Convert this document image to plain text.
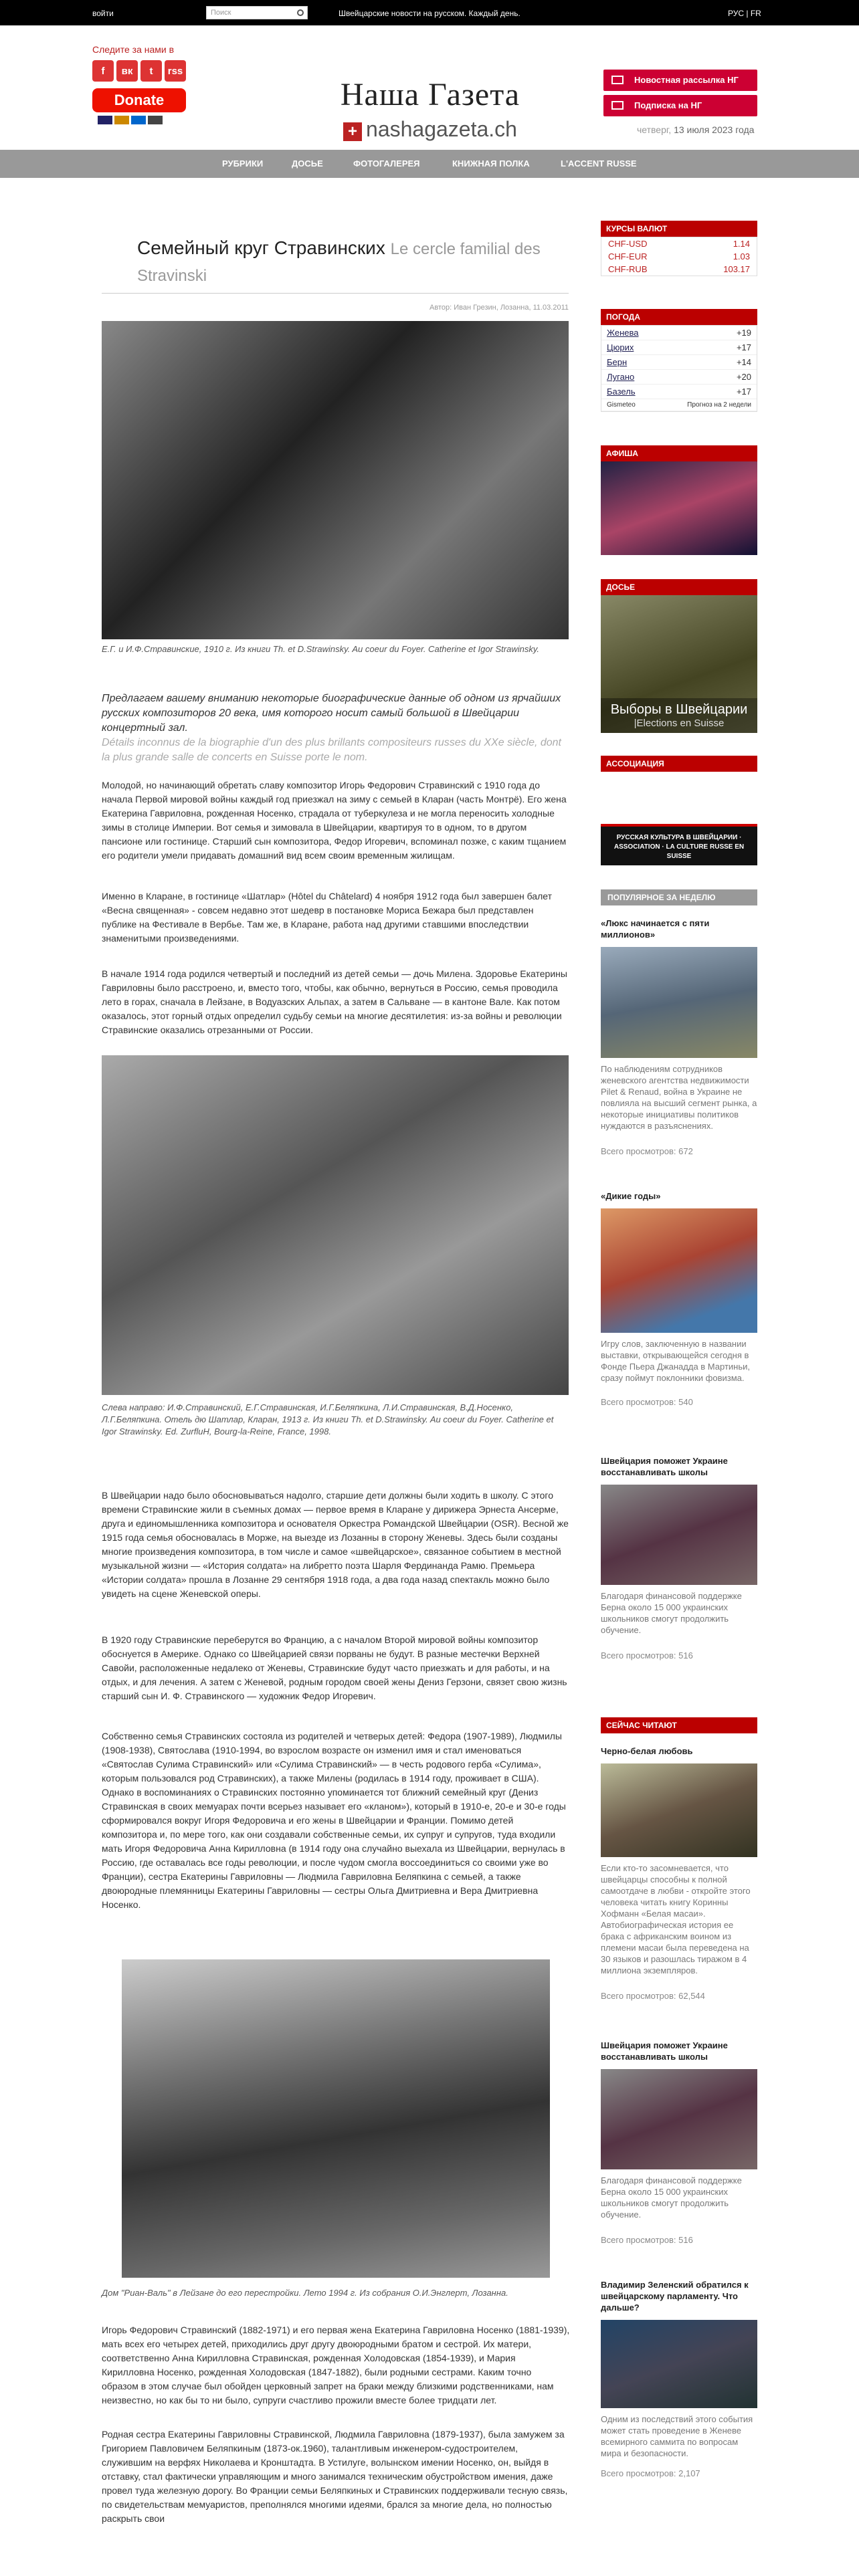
войти	Поиск	Швейцарские новости на русском. Каждый день.	РУС | FR
Следите за нами в
f	вк	t	rss
Donate	Наша Газета
+ nashagazeta.ch
Новостная рассылка НГ
Подписка на НГ
четверг, 13 июля 2023 года
РУБРИКИ	ДОСЬЕ	ФОТОГАЛЕРЕЯ	КНИЖНАЯ ПОЛКА	L'ACCENT RUSSE
Семейный круг Стравинских Le cercle familial des Stravinski
Автор: Иван Грезин, Лозанна, 11.03.2011
Е.Г. и И.Ф.Стравинские, 1910 г. Из книги Th. et D.Strawinsky. Au coeur du Foyer. Catherine et Igor Strawinsky.
Предлагаем вашему вниманию некоторые биографические данные об одном из ярчайших русских композиторов 20 века, имя которого носит самый большой в Швейцарии концертный зал.
Détails inconnus de la biographie d'un des plus brillants compositeurs russes du XXe siècle, dont la plus grande salle de concerts en Suisse porte le nom.
Молодой, но начинающий обретать славу композитор Игорь Федорович Стравинский с 1910 года до начала Первой мировой войны каждый год приезжал на зиму с семьей в Кларан (часть Монтрё). Его жена Екатерина Гавриловна, рожденная Носенко, страдала от туберкулеза и не могла переносить холодные зимы в столице Империи. Вот семья и зимовала в Швейцарии, квартируя то в одном, то в другом пансионе или гостинице. Старший сын композитора, Федор Игоревич, вспоминал позже, с каким тщанием его родители умели придавать домашний вид всем своим временным жилищам.
Именно в Кларане, в гостинице «Шатлар» (Hôtel du Châtelard) 4 ноября 1912 года был завершен балет «Весна священная» - совсем недавно этот шедевр в постановке Мориса Бежара был представлен публике на Фестивале в Вербье. Там же, в Кларане, работа над другими ставшими впоследствии знаменитыми произведениями.
В начале 1914 года родился четвертый и последний из детей семьи — дочь Милена. Здоровье Екатерины Гавриловны было расстроено, и, вместо того, чтобы, как обычно, вернуться в Россию, семья проводила лето в горах, сначала в Лейзане, в Водуазских Альпах, а затем в Сальване — в кантоне Вале. Как потом оказалось, этот горный отдых определил судьбу семьи на многие десятилетия: из-за войны и революции Стравинские оказались отрезанными от России.
Слева направо: И.Ф.Стравинский, Е.Г.Стравинская, И.Г.Беляпкина, Л.И.Стравинская, В.Д.Носенко, Л.Г.Беляпкина. Отель дю Шатлар, Кларан, 1913 г. Из книги Th. et D.Strawinsky. Au coeur du Foyer. Catherine et Igor Strawinsky. Ed. ZurfluH, Bourg-la-Reine, France, 1998.
В Швейцарии надо было обосновываться надолго, старшие дети должны были ходить в школу. С этого времени Стравинские жили в съемных домах — первое время в Кларане у дирижера Эрнеста Ансерме, друга и единомышленника композитора и основателя Оркестра Романдской Швейцарии (OSR). Весной же 1915 года семья обосновалась в Морже, на выезде из Лозанны в сторону Женевы. Здесь были созданы многие произведения композитора, в том числе и самое «швейцарское», связанное событием в местной музыкальной жизни — «История солдата» на либретто поэта Шарля Фердинанда Рамю. Премьера «Истории солдата» прошла в Лозанне 29 сентября 1918 года, а два года назад спектакль можно было увидеть на сцене Женевской оперы.
В 1920 году Стравинские переберутся во Францию, а с началом Второй мировой войны композитор обоснуется в Америке. Однако со Швейцарией связи порваны не будут. В разные местечки Верхней Савойи, расположенные недалеко от Женевы, Стравинские будут часто приезжать и для работы, и на отдых, и для лечения. А затем с Женевой, родным городом своей жены Дениз Герзони, связет свою жизнь старший сын И. Ф. Стравинского — художник Федор Игоревич.
Собственно семья Стравинских состояла из родителей и четверых детей: Федора (1907-1989), Людмилы (1908-1938), Святослава (1910-1994, во взрослом возрасте он изменил имя и стал именоваться «Святослав Сулима Стравинский» или «Сулима Стравинский» — в честь родового герба «Сулима», которым пользовался род Стравинских), а также Милены (родилась в 1914 году, проживает в США). Однако в воспоминаниях о Стравинских постоянно упоминается тот ближний семейный круг (Дениз Стравинская в своих мемуарах почти всерьез называет его «кланом»), который в 1910-е, 20-е и 30-е годы сформировался вокруг Игоря Федоровича и его жены в Швейцарии и Франции. Помимо детей композитора и, по мере того, как они создавали собственные семьи, их супруг и супругов, туда входили мать Игоря Федоровича Анна Кирилловна (в 1914 году она случайно выехала из Швейцарии, вернулась в Россию, где оставалась все годы революции, и после чудом смогла воссоединиться со своими уже во Франции), сестра Екатерины Гавриловны — Людмила Гавриловна Беляпкина с семьей, а также двоюродные племянницы Екатерины Гавриловны — сестры Ольга Дмитриевна и Вера Дмитриевна Носенко.
Дом "Риан-Валь" в Лейзане до его перестройки. Лето 1994 г. Из собрания О.И.Энглерт, Лозанна.
Игорь Федорович Стравинский (1882-1971) и его первая жена Екатерина Гавриловна Носенко (1881-1939), мать всех его четырех детей, приходились друг другу двоюродными братом и сестрой. Их матери, соответственно Анна Кирилловна Стравинская, рожденная Холодовская (1854-1939), и Мария Кирилловна Носенко, рожденная Холодовская (1847-1882), были родными сестрами. Каким точно образом в этом случае был обойден церковный запрет на браки между близкими родственниками, нам неизвестно, но как бы то ни было, супруги счастливо прожили вместе более тридцати лет.
Родная сестра Екатерины Гавриловны Стравинской, Людмила Гавриловна (1879-1937), была замужем за Григорием Павловичем Беляпкиным (1873-ок.1960), талантливым инженером-судостроителем, служившим на верфях Николаева и Кронштадта. В Устилуге, волынском имении Носенко, он, выйдя в отставку, стал фактически управляющим и много занимался техническим обустройством имения, даже провел туда железную дорогу. Во Франции семьи Беляпкиных и Стравинских поддерживали тесную связь, по свидетельствам мемуаристов, преполнялся многими идеями, брался за многие дела, но полностью раскрыть свои
КУРСЫ ВАЛЮТ
CHF-USD	1.14
CHF-EUR	1.03
CHF-RUB	103.17
ПОГОДА
Женева	+19
Цюрих	+17
Берн	+14
Лугано	+20
Базель	+17
Gismeteo	Прогноз на 2 недели
АФИША
ДОСЬЕ
Выборы в Швейцарии
|Elections en Suisse
АССОЦИАЦИЯ
РУССКАЯ КУЛЬТУРА В ШВЕЙЦАРИИ · ASSOCIATION · LA CULTURE RUSSE EN SUISSE
ПОПУЛЯРНОЕ ЗА НЕДЕЛЮ
«Люкс начинается с пяти миллионов»
По наблюдениям сотрудников женевского агентства недвижимости Pilet & Renaud, война в Украине не повлияла на высший сегмент рынка, а некоторые инициативы политиков нуждаются в разъяснениях.
Всего просмотров: 672
«Дикие годы»
Игру слов, заключенную в названии выставки, открывающейся сегодня в Фонде Пьера Джанадда в Мартиньи, сразу поймут поклонники фовизма.
Всего просмотров: 540
Швейцария поможет Украине восстанавливать школы
Благодаря финансовой поддержке Берна около 15 000 украинских школьников смогут продолжить обучение.
Всего просмотров: 516
СЕЙЧАС ЧИТАЮТ
Черно-белая любовь
Если кто-то засомневается, что швейцарцы способны к полной самоотдаче в любви - откройте этого человека читать книгу Коринны Хофманн «Белая масаи». Автобиографическая история ее брака с африканским воином из племени масаи была переведена на 30 языков и разошлась тиражом в 4 миллиона экземпляров.
Всего просмотров: 62,544
Швейцария поможет Украине восстанавливать школы
Благодаря финансовой поддержке Берна около 15 000 украинских школьников смогут продолжить обучение.
Всего просмотров: 516
Владимир Зеленский обратился к швейцарскому парламенту. Что дальше?
Одним из последствий этого события может стать проведение в Женеве всемирного саммита по вопросам мира и безопасности.
Всего просмотров: 2,107
